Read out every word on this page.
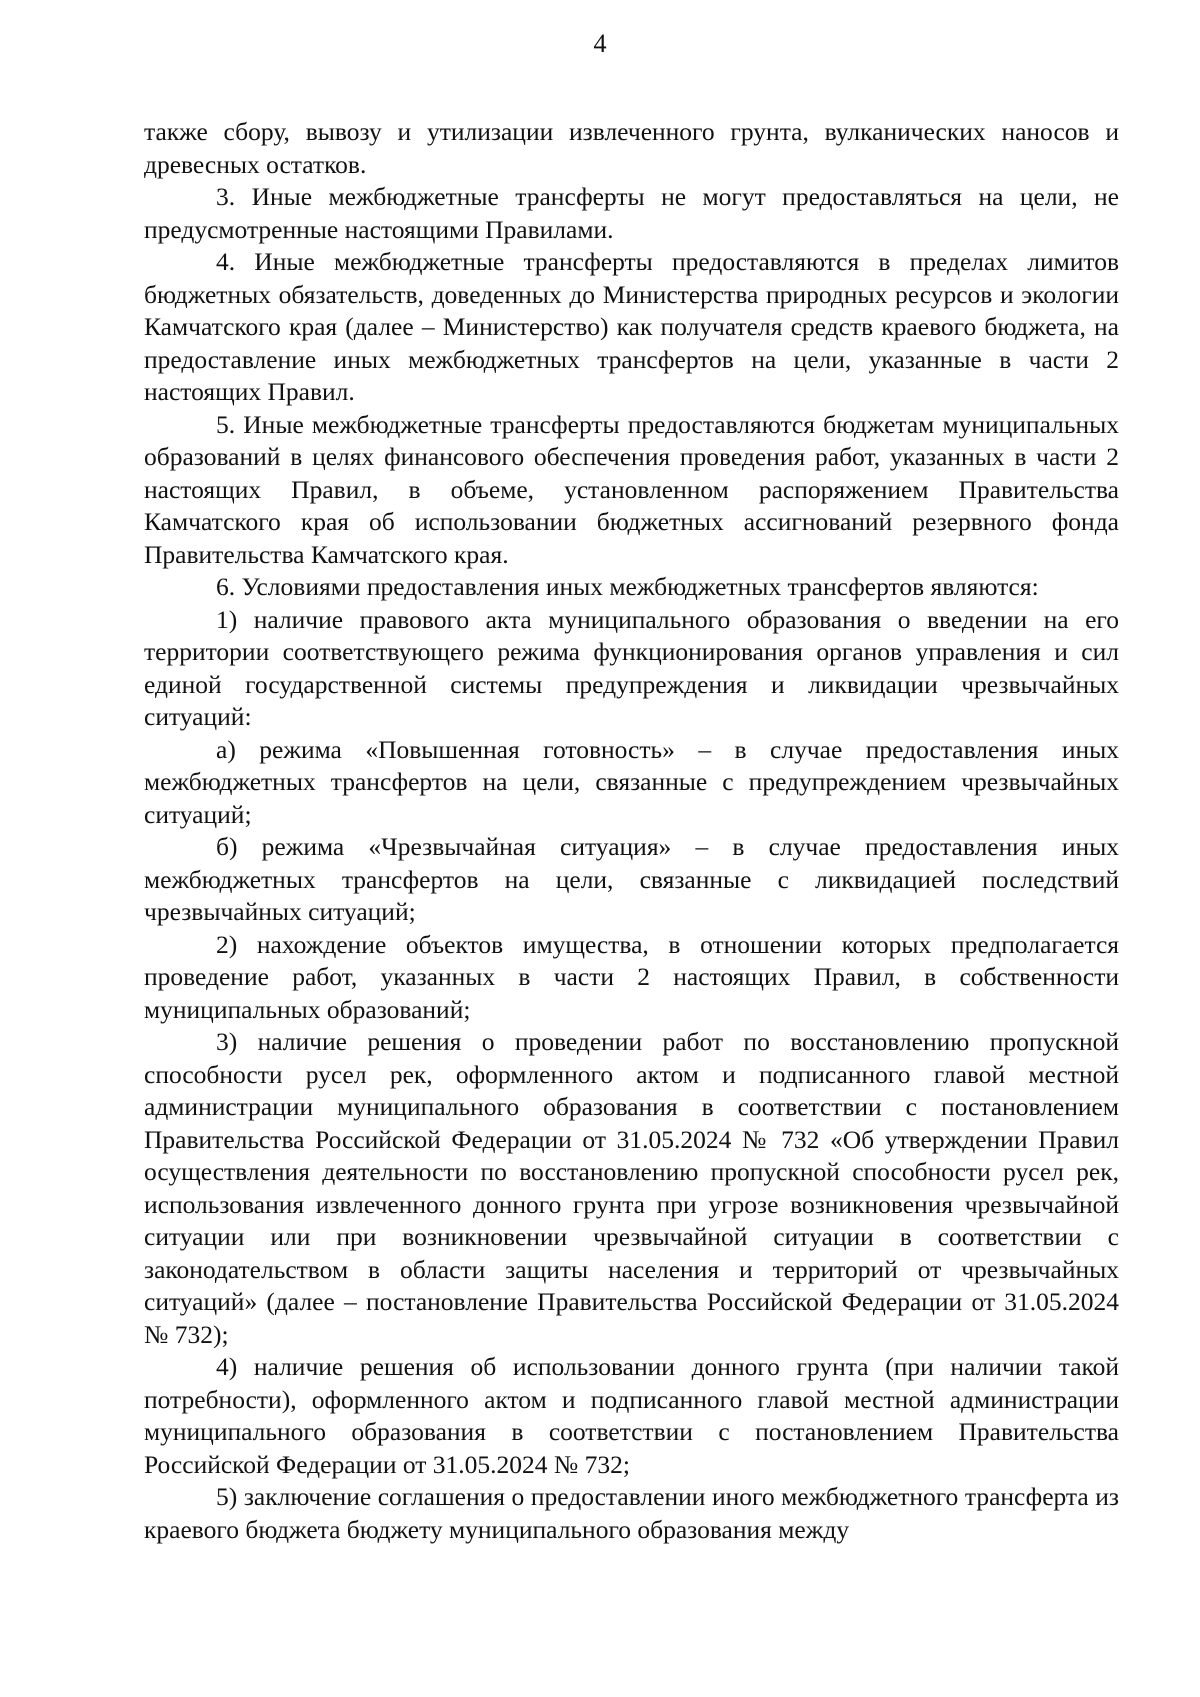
4

также сбору, вывозу и утилизации извлеченного грунта, вулканических наносов и древесных остатков.

3. Иные межбюджетные трансферты не могут предоставляться на цели, не предусмотренные настоящими Правилами.

4. Иные межбюджетные трансферты предоставляются в пределах лимитов бюджетных обязательств, доведенных до Министерства природных ресурсов и экологии Камчатского края (далее – Министерство) как получателя средств краевого бюджета, на предоставление иных межбюджетных трансфертов на цели, указанные в части 2 настоящих Правил.

5. Иные межбюджетные трансферты предоставляются бюджетам муниципальных образований в целях финансового обеспечения проведения работ, указанных в части 2 настоящих Правил, в объеме, установленном распоряжением Правительства Камчатского края об использовании бюджетных ассигнований резервного фонда Правительства Камчатского края.

6. Условиями предоставления иных межбюджетных трансфертов являются:

1) наличие правового акта муниципального образования о введении на его территории соответствующего режима функционирования органов управления и сил единой государственной системы предупреждения и ликвидации чрезвычайных ситуаций:

а) режима «Повышенная готовность» – в случае предоставления иных межбюджетных трансфертов на цели, связанные с предупреждением чрезвычайных ситуаций;

б) режима «Чрезвычайная ситуация» – в случае предоставления иных межбюджетных трансфертов на цели, связанные с ликвидацией последствий чрезвычайных ситуаций;

2) нахождение объектов имущества, в отношении которых предполагается проведение работ, указанных в части 2 настоящих Правил, в собственности муниципальных образований;

3) наличие решения о проведении работ по восстановлению пропускной способности русел рек, оформленного актом и подписанного главой местной администрации муниципального образования в соответствии с постановлением Правительства Российской Федерации от 31.05.2024 № 732 «Об утверждении Правил осуществления деятельности по восстановлению пропускной способности русел рек, использования извлеченного донного грунта при угрозе возникновения чрезвычайной ситуации или при возникновении чрезвычайной ситуации в соответствии с законодательством в области защиты населения и территорий от чрезвычайных ситуаций» (далее – постановление Правительства Российской Федерации от 31.05.2024 № 732);

4) наличие решения об использовании донного грунта (при наличии такой потребности), оформленного актом и подписанного главой местной администрации муниципального образования в соответствии с постановлением Правительства Российской Федерации от 31.05.2024 № 732;

5) заключение соглашения о предоставлении иного межбюджетного трансферта из краевого бюджета бюджету муниципального образования между
